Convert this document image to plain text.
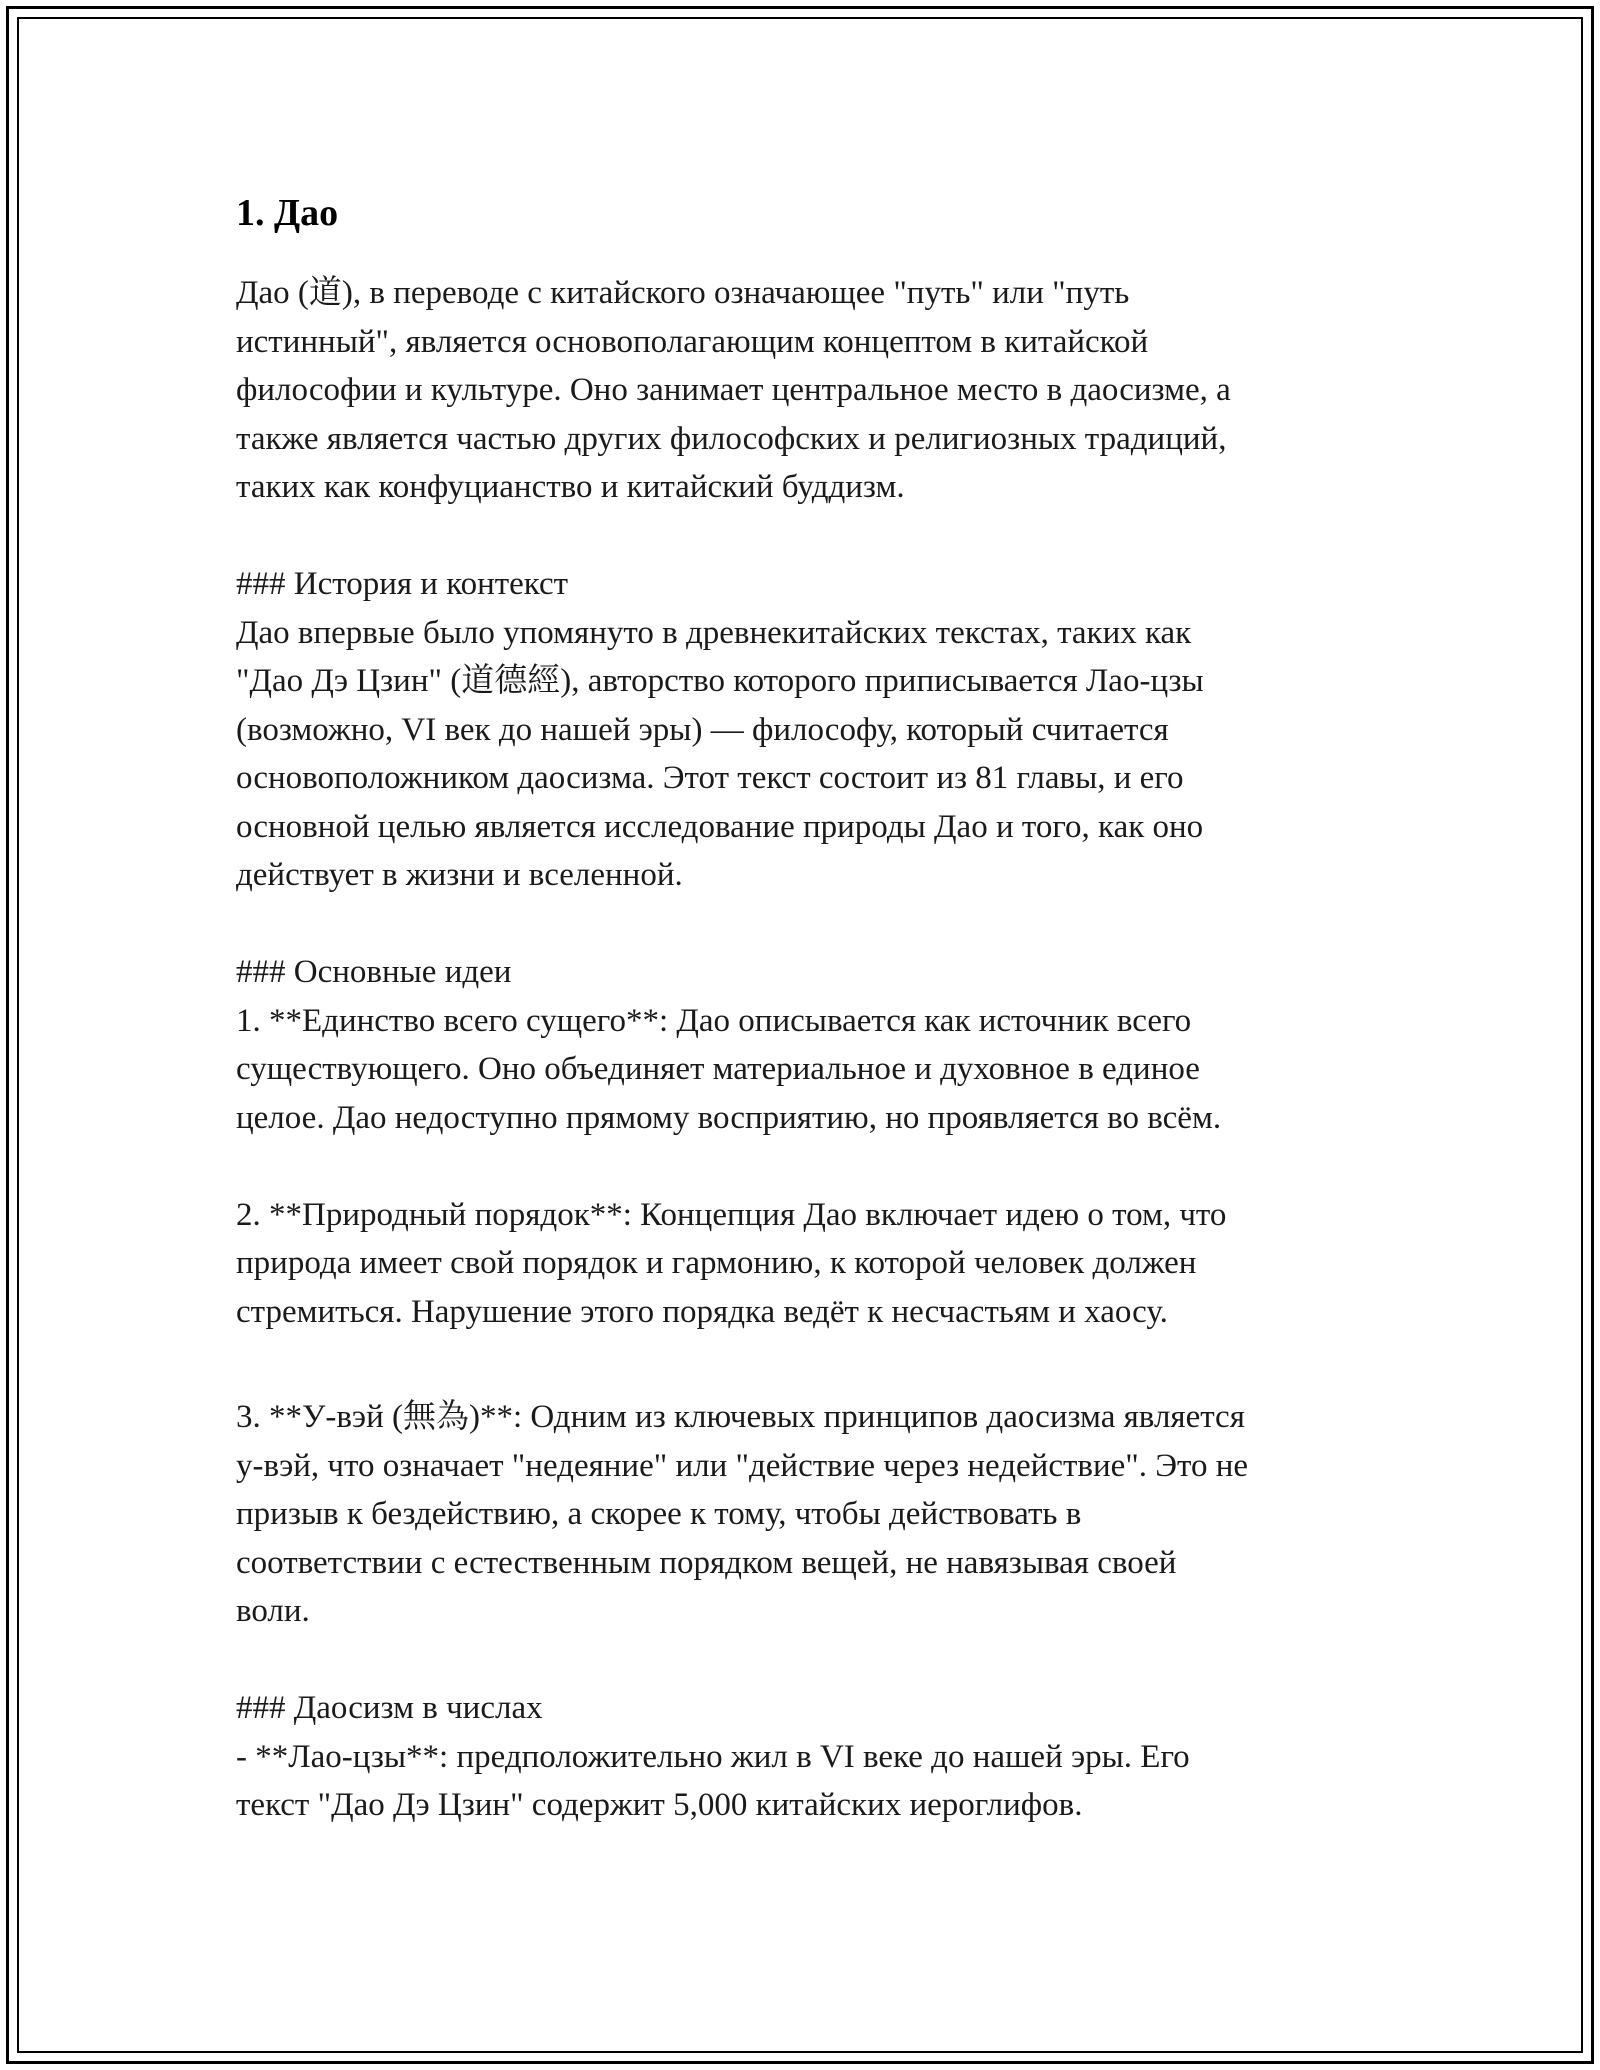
1. Дао

Дао (道), в переводе с китайского означающее "путь" или "путь
истинный", является основополагающим концептом в китайской
философии и культуре. Оно занимает центральное место в даосизме, а
также является частью других философских и религиозных традиций,
таких как конфуцианство и китайский буддизм.

### История и контекст

Дао впервые было упомянуто в древнекитайских текстах, таких как
"Дао Дэ Цзин" (道德經), авторство которого приписывается Лао-цзы
(возможно, VI век до нашей эры) — философу, который считается
основоположником даосизма. Этот текст состоит из 81 главы, и его
основной целью является исследование природы Дао и того, как оно
действует в жизни и вселенной.

### Основные идеи

1. **Единство всего сущего**: Дао описывается как источник всего
существующего. Оно объединяет материальное и духовное в единое
целое. Дао недоступно прямому восприятию, но проявляется во всём.

2. **Природный порядок**: Концепция Дао включает идею о том, что
природа имеет свой порядок и гармонию, к которой человек должен
стремиться. Нарушение этого порядка ведёт к несчастьям и хаосу.

3. **У-вэй (無為)**: Одним из ключевых принципов даосизма является
у-вэй, что означает "недеяние" или "действие через недействие". Это не
призыв к бездействию, а скорее к тому, чтобы действовать в
соответствии с естественным порядком вещей, не навязывая своей
воли.

### Даосизм в числах

- **Лао-цзы**: предположительно жил в VI веке до нашей эры. Его
текст "Дао Дэ Цзин" содержит 5,000 китайских иероглифов.
